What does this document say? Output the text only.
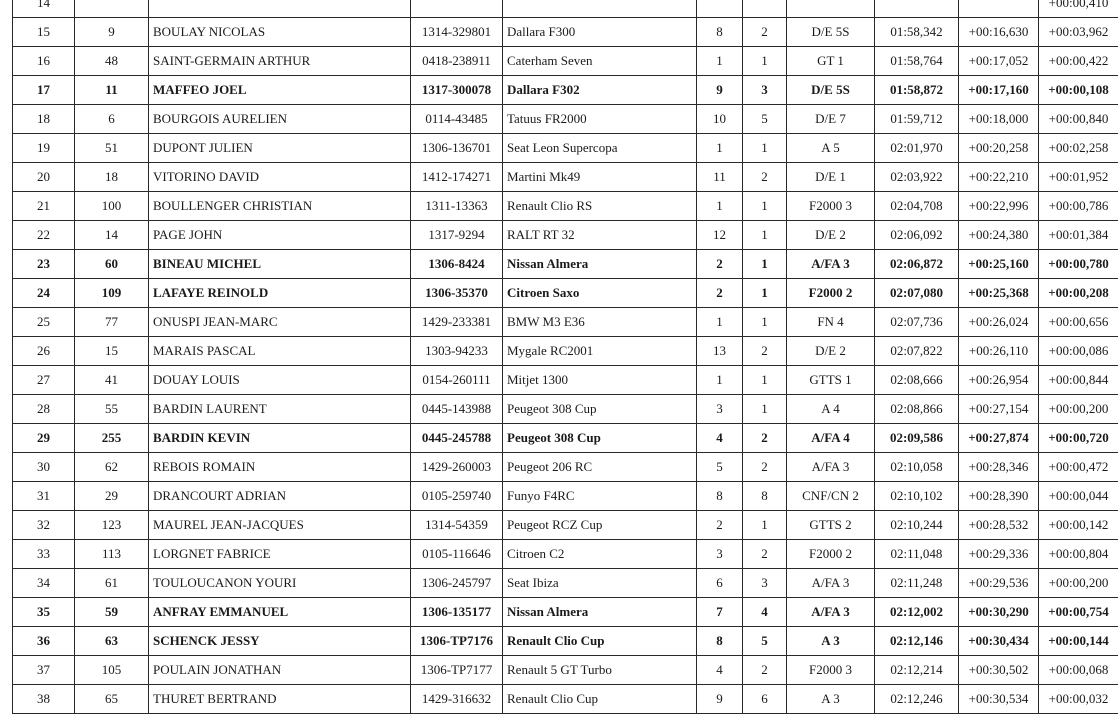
14										+00:00,410
15	9	BOULAY NICOLAS	1314-329801	Dallara F300	8	2	D/E 5S	01:58,342	+00:16,630	+00:03,962
16	48	SAINT-GERMAIN ARTHUR	0418-238911	Caterham Seven	1	1	GT 1	01:58,764	+00:17,052	+00:00,422
17	11	MAFFEO JOEL	1317-300078	Dallara F302	9	3	D/E 5S	01:58,872	+00:17,160	+00:00,108
18	6	BOURGOIS AURELIEN	0114-43485	Tatuus FR2000	10	5	D/E 7	01:59,712	+00:18,000	+00:00,840
19	51	DUPONT JULIEN	1306-136701	Seat Leon Supercopa	1	1	A 5	02:01,970	+00:20,258	+00:02,258
20	18	VITORINO DAVID	1412-174271	Martini Mk49	11	2	D/E 1	02:03,922	+00:22,210	+00:01,952
21	100	BOULLENGER CHRISTIAN	1311-13363	Renault Clio RS	1	1	F2000 3	02:04,708	+00:22,996	+00:00,786
22	14	PAGE JOHN	1317-9294	RALT RT 32	12	1	D/E 2	02:06,092	+00:24,380	+00:01,384
23	60	BINEAU MICHEL	1306-8424	Nissan Almera	2	1	A/FA 3	02:06,872	+00:25,160	+00:00,780
24	109	LAFAYE REINOLD	1306-35370	Citroen Saxo	2	1	F2000 2	02:07,080	+00:25,368	+00:00,208
25	77	ONUSPI JEAN-MARC	1429-233381	BMW M3 E36	1	1	FN 4	02:07,736	+00:26,024	+00:00,656
26	15	MARAIS PASCAL	1303-94233	Mygale RC2001	13	2	D/E 2	02:07,822	+00:26,110	+00:00,086
27	41	DOUAY LOUIS	0154-260111	Mitjet 1300	1	1	GTTS 1	02:08,666	+00:26,954	+00:00,844
28	55	BARDIN LAURENT	0445-143988	Peugeot 308 Cup	3	1	A 4	02:08,866	+00:27,154	+00:00,200
29	255	BARDIN KEVIN	0445-245788	Peugeot 308 Cup	4	2	A/FA 4	02:09,586	+00:27,874	+00:00,720
30	62	REBOIS ROMAIN	1429-260003	Peugeot 206 RC	5	2	A/FA 3	02:10,058	+00:28,346	+00:00,472
31	29	DRANCOURT ADRIAN	0105-259740	Funyo F4RC	8	8	CNF/CN 2	02:10,102	+00:28,390	+00:00,044
32	123	MAUREL JEAN-JACQUES	1314-54359	Peugeot RCZ Cup	2	1	GTTS 2	02:10,244	+00:28,532	+00:00,142
33	113	LORGNET FABRICE	0105-116646	Citroen C2	3	2	F2000 2	02:11,048	+00:29,336	+00:00,804
34	61	TOULOUCANON YOURI	1306-245797	Seat Ibiza	6	3	A/FA 3	02:11,248	+00:29,536	+00:00,200
35	59	ANFRAY EMMANUEL	1306-135177	Nissan Almera	7	4	A/FA 3	02:12,002	+00:30,290	+00:00,754
36	63	SCHENCK JESSY	1306-TP7176	Renault Clio Cup	8	5	A 3	02:12,146	+00:30,434	+00:00,144
37	105	POULAIN JONATHAN	1306-TP7177	Renault 5 GT Turbo	4	2	F2000 3	02:12,214	+00:30,502	+00:00,068
38	65	THURET BERTRAND	1429-316632	Renault Clio Cup	9	6	A 3	02:12,246	+00:30,534	+00:00,032
